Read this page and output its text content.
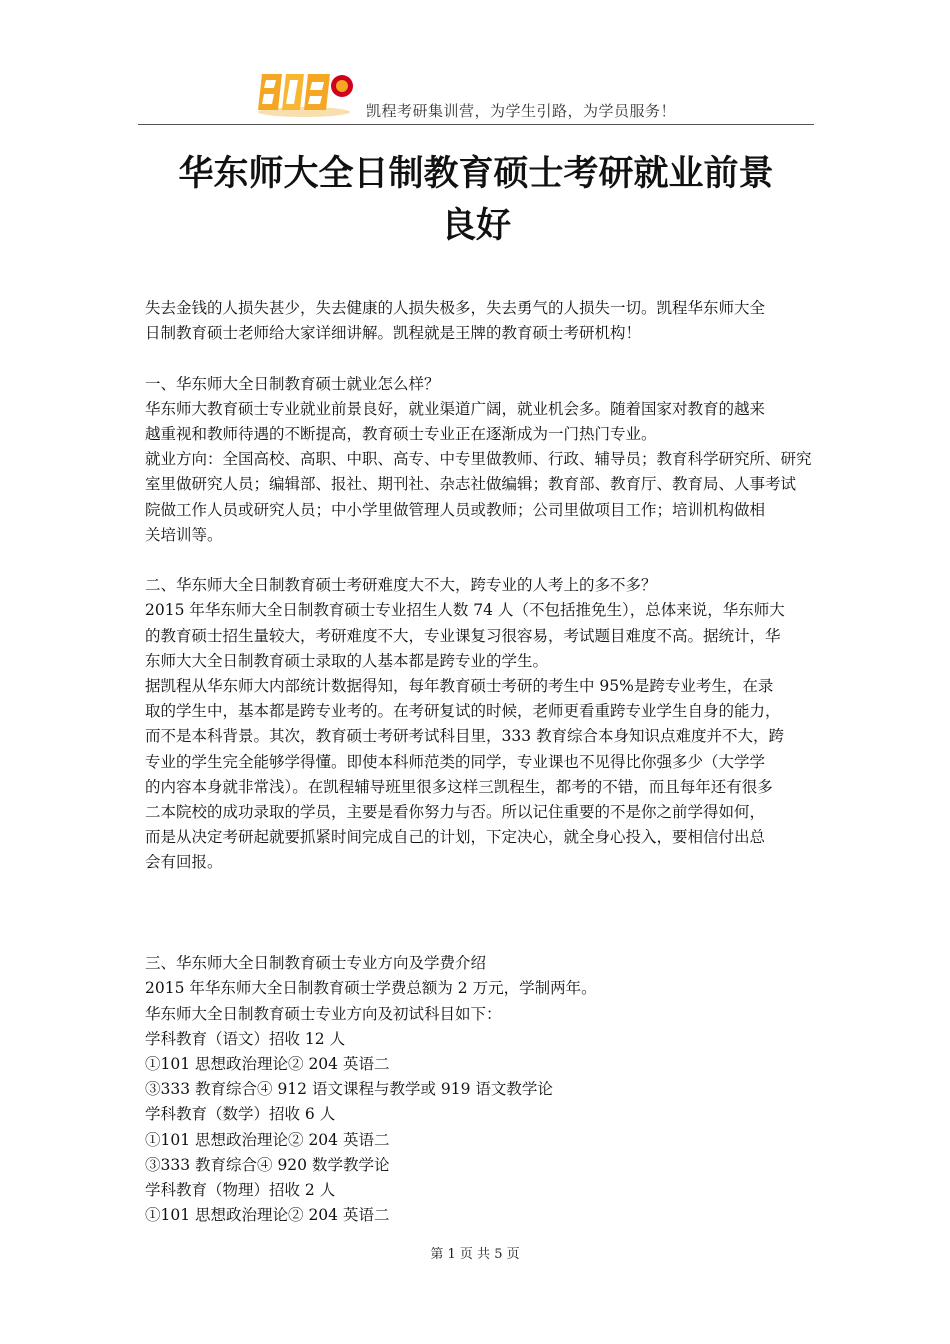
凯程	凯程考研集训营，为学生引路，为学员服务！
华东师大全日制教育硕士考研就业前景
良好

失去金钱的人损失甚少，失去健康的人损失极多，失去勇气的人损失一切。凯程华东师大全

日制教育硕士老师给大家详细讲解。凯程就是王牌的教育硕士考研机构！

一、华东师大全日制教育硕士就业怎么样？

华东师大教育硕士专业就业前景良好，就业渠道广阔，就业机会多。随着国家对教育的越来

越重视和教师待遇的不断提高，教育硕士专业正在逐渐成为一门热门专业。

就业方向：全国高校、高职、中职、高专、中专里做教师、行政、辅导员；教育科学研究所、研究

室里做研究人员；编辑部、报社、期刊社、杂志社做编辑；教育部、教育厅、教育局、人事考试

院做工作人员或研究人员；中小学里做管理人员或教师；公司里做项目工作；培训机构做相

关培训等。

二、华东师大全日制教育硕士考研难度大不大，跨专业的人考上的多不多？

2015 年华东师大全日制教育硕士专业招生人数 74 人（不包括推免生），总体来说，华东师大

的教育硕士招生量较大，考研难度不大，专业课复习很容易，考试题目难度不高。据统计，华

东师大大全日制教育硕士录取的人基本都是跨专业的学生。

据凯程从华东师大内部统计数据得知，每年教育硕士考研的考生中 95%是跨专业考生，在录

取的学生中，基本都是跨专业考的。在考研复试的时候，老师更看重跨专业学生自身的能力，

而不是本科背景。其次，教育硕士考研考试科目里，333 教育综合本身知识点难度并不大，跨

专业的学生完全能够学得懂。即使本科师范类的同学，专业课也不见得比你强多少（大学学

的内容本身就非常浅）。在凯程辅导班里很多这样三凯程生，都考的不错，而且每年还有很多

二本院校的成功录取的学员，主要是看你努力与否。所以记住重要的不是你之前学得如何，

而是从决定考研起就要抓紧时间完成自己的计划，下定决心，就全身心投入，要相信付出总

会有回报。

三、华东师大全日制教育硕士专业方向及学费介绍

2015 年华东师大全日制教育硕士学费总额为 2 万元，学制两年。

华东师大全日制教育硕士专业方向及初试科目如下：

学科教育（语文）招收 12 人

①101 思想政治理论② 204 英语二

③333 教育综合④ 912 语文课程与教学或 919 语文教学论

学科教育（数学）招收 6 人

①101 思想政治理论② 204 英语二

③333 教育综合④ 920 数学教学论

学科教育（物理）招收 2 人

①101 思想政治理论② 204 英语二

第 1 页 共 5 页
